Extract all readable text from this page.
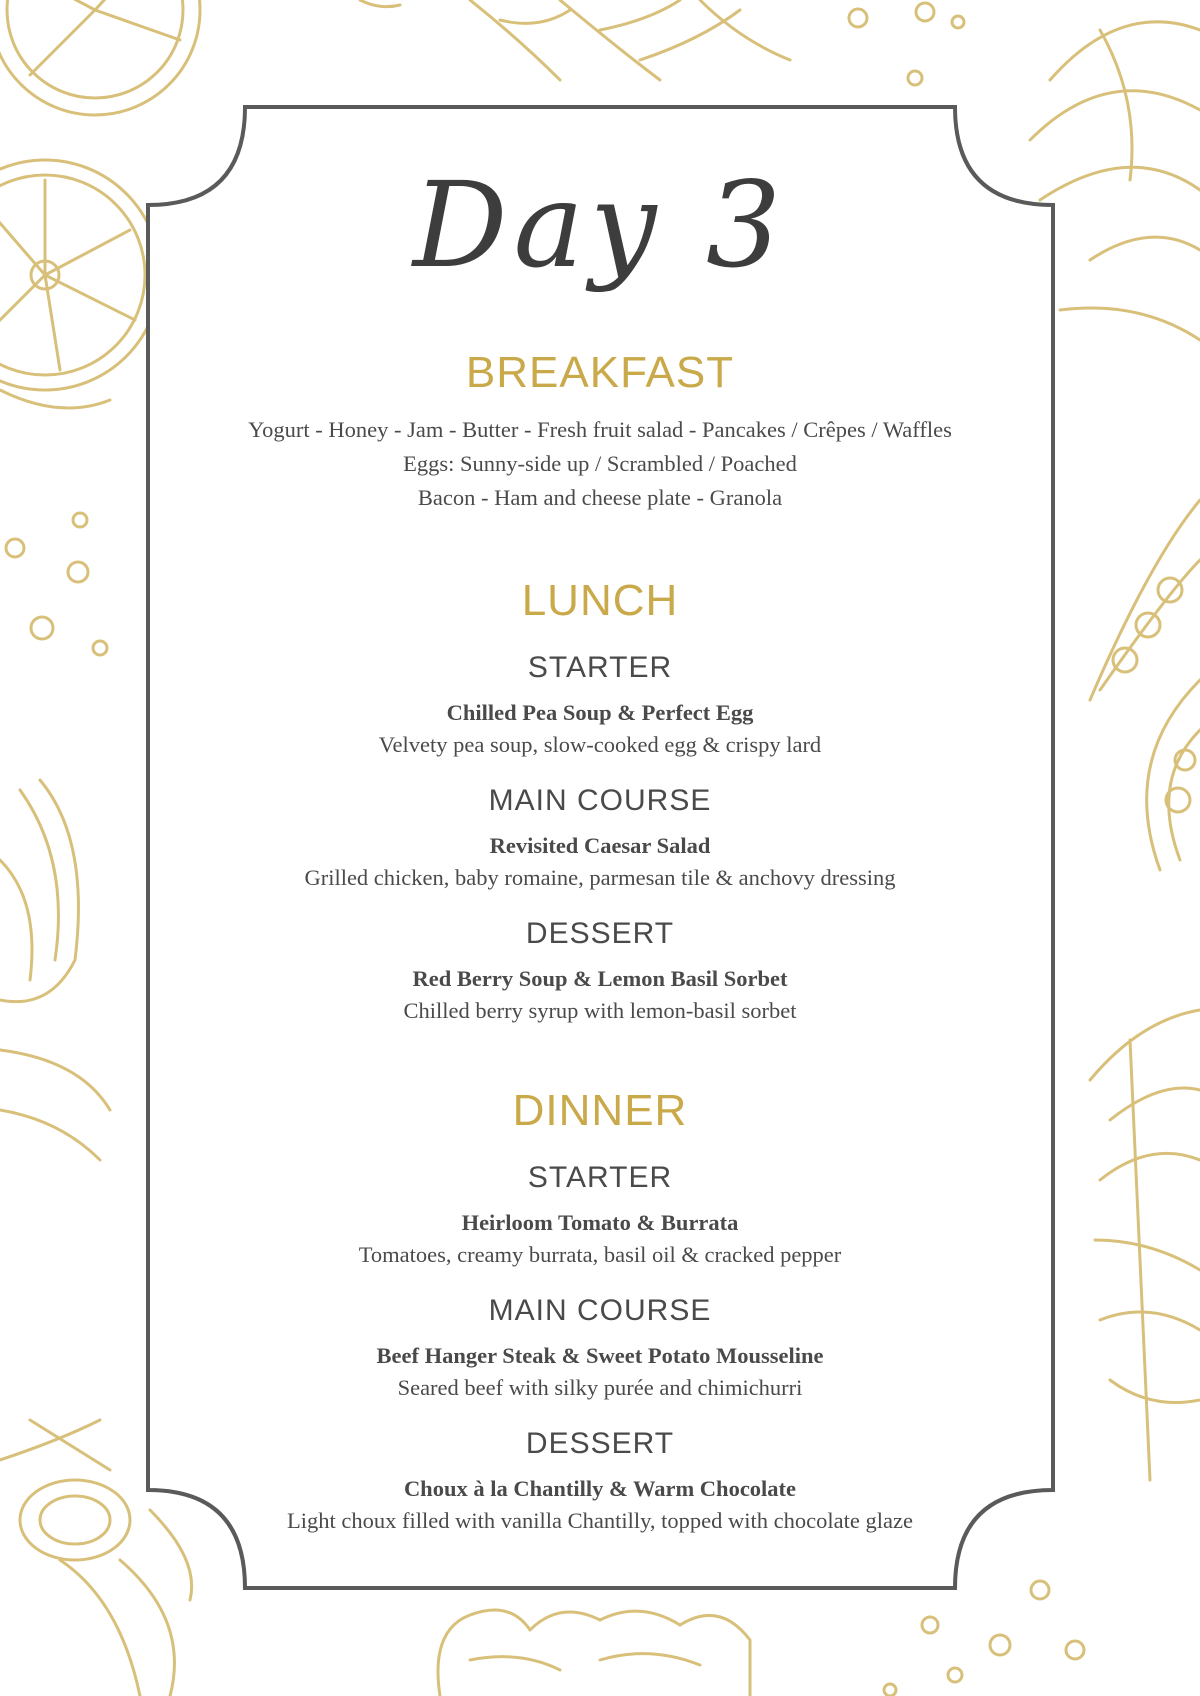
Day 3
BREAKFAST
Yogurt - Honey - Jam - Butter - Fresh fruit salad - Pancakes / Crêpes / Waffles
Eggs: Sunny-side up / Scrambled / Poached
Bacon - Ham and cheese plate - Granola
LUNCH
STARTER
Chilled Pea Soup & Perfect Egg
Velvety pea soup, slow-cooked egg & crispy lard
MAIN COURSE
Revisited Caesar Salad
Grilled chicken, baby romaine, parmesan tile & anchovy dressing
DESSERT
Red Berry Soup & Lemon Basil Sorbet
Chilled berry syrup with lemon-basil sorbet
DINNER
STARTER
Heirloom Tomato & Burrata
Tomatoes, creamy burrata, basil oil & cracked pepper
MAIN COURSE
Beef Hanger Steak & Sweet Potato Mousseline
Seared beef with silky purée and chimichurri
DESSERT
Choux à la Chantilly & Warm Chocolate
Light choux filled with vanilla Chantilly, topped with chocolate glaze
